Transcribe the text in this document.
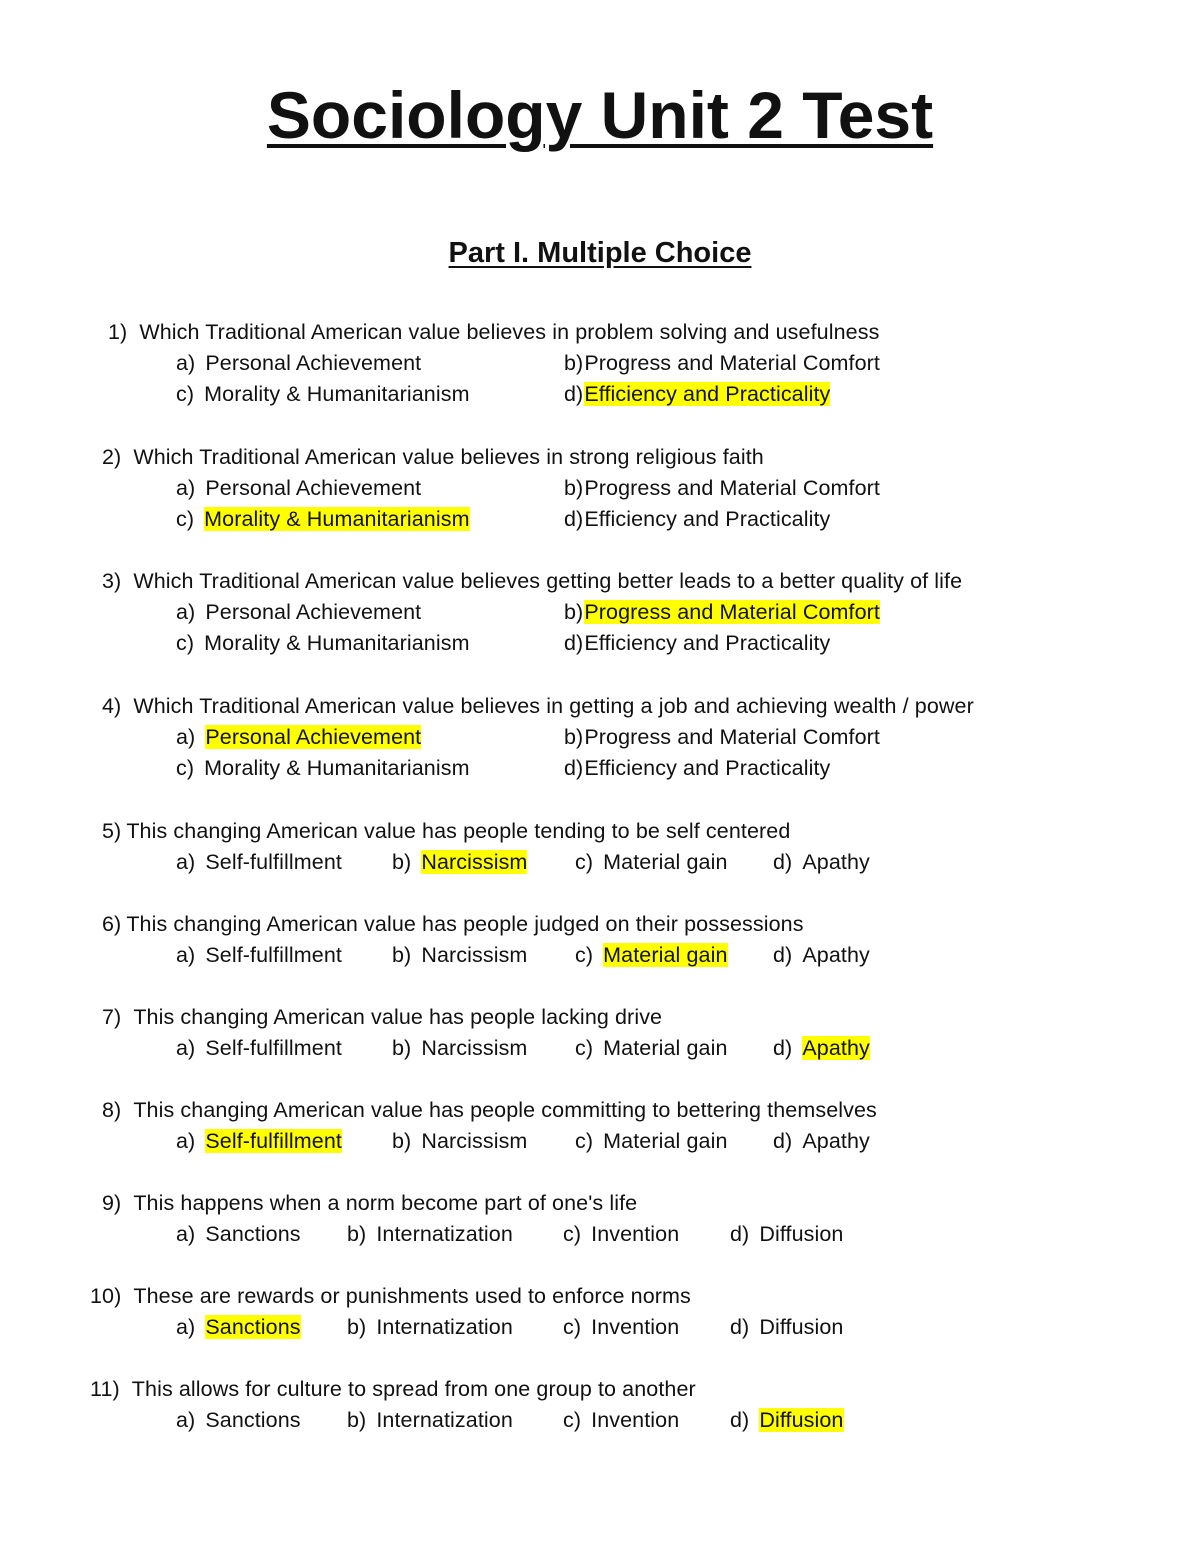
Sociology Unit 2 Test
Part I. Multiple Choice
1) Which Traditional American value believes in problem solving and usefulness
a) Personal Achievement	b)Progress and Material Comfort
c) Morality & Humanitarianism	d)Efficiency and Practicality
2) Which Traditional American value believes in strong religious faith
a) Personal Achievement	b)Progress and Material Comfort
c) Morality & Humanitarianism	d)Efficiency and Practicality
3) Which Traditional American value believes getting better leads to a better quality of life
a) Personal Achievement	b)Progress and Material Comfort
c) Morality & Humanitarianism	d)Efficiency and Practicality
4) Which Traditional American value believes in getting a job and achieving wealth / power
a) Personal Achievement	b)Progress and Material Comfort
c) Morality & Humanitarianism	d)Efficiency and Practicality
5) This changing American value has people tending to be self centered
a) Self-fulfillment b) Narcissism c) Material gain d) Apathy
6) This changing American value has people judged on their possessions
a) Self-fulfillment b) Narcissism c) Material gain d) Apathy
7) This changing American value has people lacking drive
a) Self-fulfillment b) Narcissism c) Material gain d) Apathy
8) This changing American value has people committing to bettering themselves
a) Self-fulfillment b) Narcissism c) Material gain d) Apathy
9) This happens when a norm become part of one's life
a) Sanctions b) Internatization c) Invention d) Diffusion
10) These are rewards or punishments used to enforce norms
a) Sanctions b) Internatization c) Invention d) Diffusion
11) This allows for culture to spread from one group to another
a) Sanctions b) Internatization c) Invention d) Diffusion
